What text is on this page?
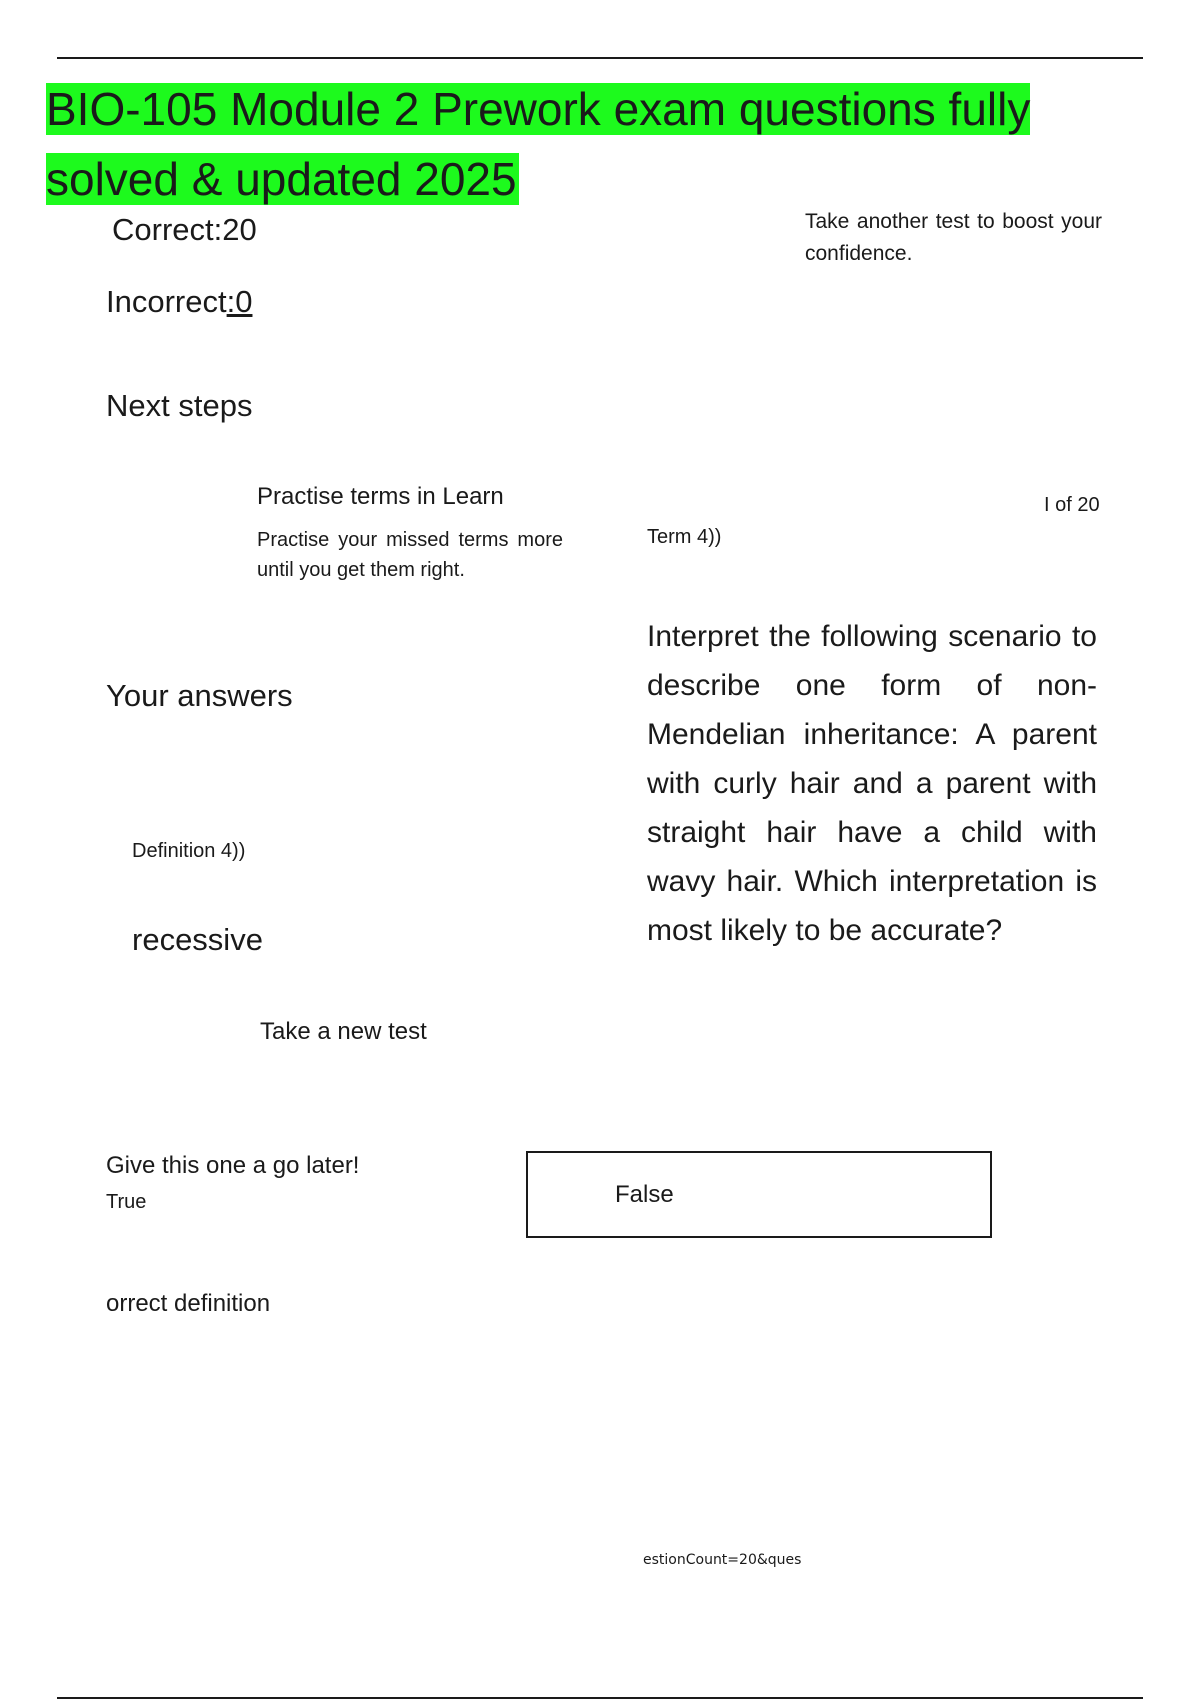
BIO-105 Module 2 Prework exam questions fully solved & updated 2025

Correct:20

Incorrect:0

Take another test to boost your confidence.

Next steps

Practise terms in Learn

Practise your missed terms more until you get them right.

I of 20

Term 4))

Interpret the following scenario to describe one form of non-Mendelian inheritance: A parent with curly hair and a parent with straight hair have a child with wavy hair. Which interpretation is most likely to be accurate?

Your answers

Definition 4))

recessive

Take a new test

Give this one a go later!

True	False

orrect definition

estionCount=20&ques
